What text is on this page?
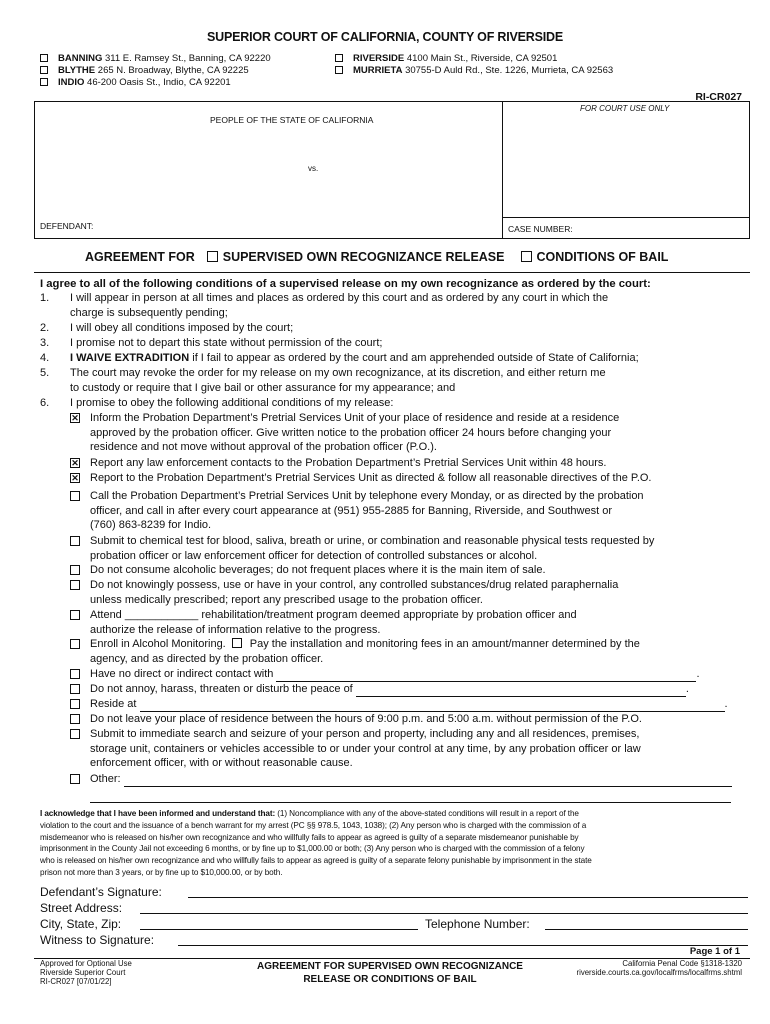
SUPERIOR COURT OF CALIFORNIA, COUNTY OF RIVERSIDE
BANNING 311 E. Ramsey St., Banning, CA 92220
BLYTHE 265 N. Broadway, Blythe, CA 92225
INDIO 46-200 Oasis St., Indio, CA 92201
RIVERSIDE 4100 Main St., Riverside, CA 92501
MURRIETA 30755-D Auld Rd., Ste. 1226, Murrieta, CA 92563
RI-CR027
FOR COURT USE ONLY
PEOPLE OF THE STATE OF CALIFORNIA
vs.
DEFENDANT:	CASE NUMBER:
AGREEMENT FOR SUPERVISED OWN RECOGNIZANCE RELEASE	CONDITIONS OF BAIL
I agree to all of the following conditions of a supervised release on my own recognizance as ordered by the court:
1. I will appear in person at all times and places as ordered by this court and as ordered by any court in which the
charge is subsequently pending;
2. I will obey all conditions imposed by the court;
3. I promise not to depart this state without permission of the court;
4. I WAIVE EXTRADITION if I fail to appear as ordered by the court and am apprehended outside of State of California;
5. The court may revoke the order for my release on my own recognizance, at its discretion, and either return me
to custody or require that I give bail or other assurance for my appearance; and
6. I promise to obey the following additional conditions of my release:
✕ Inform the Probation Department’s Pretrial Services Unit of your place of residence and reside at a residence
approved by the probation officer. Give written notice to the probation officer 24 hours before changing your
residence and not move without approval of the probation officer (P.O.).
✕ Report any law enforcement contacts to the Probation Department’s Pretrial Services Unit within 48 hours.
✕ Report to the Probation Department’s Pretrial Services Unit as directed & follow all reasonable directives of the P.O.
Call the Probation Department’s Pretrial Services Unit by telephone every Monday, or as directed by the probation
officer, and call in after every court appearance at (951) 955-2885 for Banning, Riverside, and Southwest or
(760) 863-8239 for Indio.
Submit to chemical test for blood, saliva, breath or urine, or combination and reasonable physical tests requested by
probation officer or law enforcement officer for detection of controlled substances or alcohol.
Do not consume alcoholic beverages; do not frequent places where it is the main item of sale.
Do not knowingly possess, use or have in your control, any controlled substances/drug related paraphernalia
unless medically prescribed; report any prescribed usage to the probation officer.
Attend ____________ rehabilitation/treatment program deemed appropriate by probation officer and
authorize the release of information relative to the progress.
Enroll in Alcohol Monitoring. Pay the installation and monitoring fees in an amount/manner determined by the
agency, and as directed by the probation officer.
Have no direct or indirect contact with	.
Do not annoy, harass, threaten or disturb the peace of	.
Reside at	.
Do not leave your place of residence between the hours of 9:00 p.m. and 5:00 a.m. without permission of the P.O.
Submit to immediate search and seizure of your person and property, including any and all residences, premises,
storage unit, containers or vehicles accessible to or under your control at any time, by any probation officer or law
enforcement officer, with or without reasonable cause.
Other:
I acknowledge that I have been informed and understand that: (1) Noncompliance with any of the above-stated conditions will result in a report of the
violation to the court and the issuance of a bench warrant for my arrest (PC §§ 978.5, 1043, 1038); (2) Any person who is charged with the commission of a
misdemeanor who is released on his/her own recognizance and who willfully fails to appear as agreed is guilty of a separate misdemeanor punishable by
imprisonment in the County Jail not exceeding 6 months, or by fine up to $1,000.00 or both; (3) Any person who is charged with the commission of a felony
who is released on his/her own recognizance and who willfully fails to appear as agreed is guilty of a separate felony punishable by imprisonment in the state
prison not more than 3 years, or by fine up to $10,000.00, or by both.
Defendant’s Signature:
Street Address:
City, State, Zip:	Telephone Number:
Witness to Signature:
Page 1 of 1
Approved for Optional Use
Riverside Superior Court
RI-CR027 [07/01/22]
AGREEMENT FOR SUPERVISED OWN RECOGNIZANCE
RELEASE OR CONDITIONS OF BAIL
California Penal Code §1318-1320
riverside.courts.ca.gov/localfrms/localfrms.shtml
